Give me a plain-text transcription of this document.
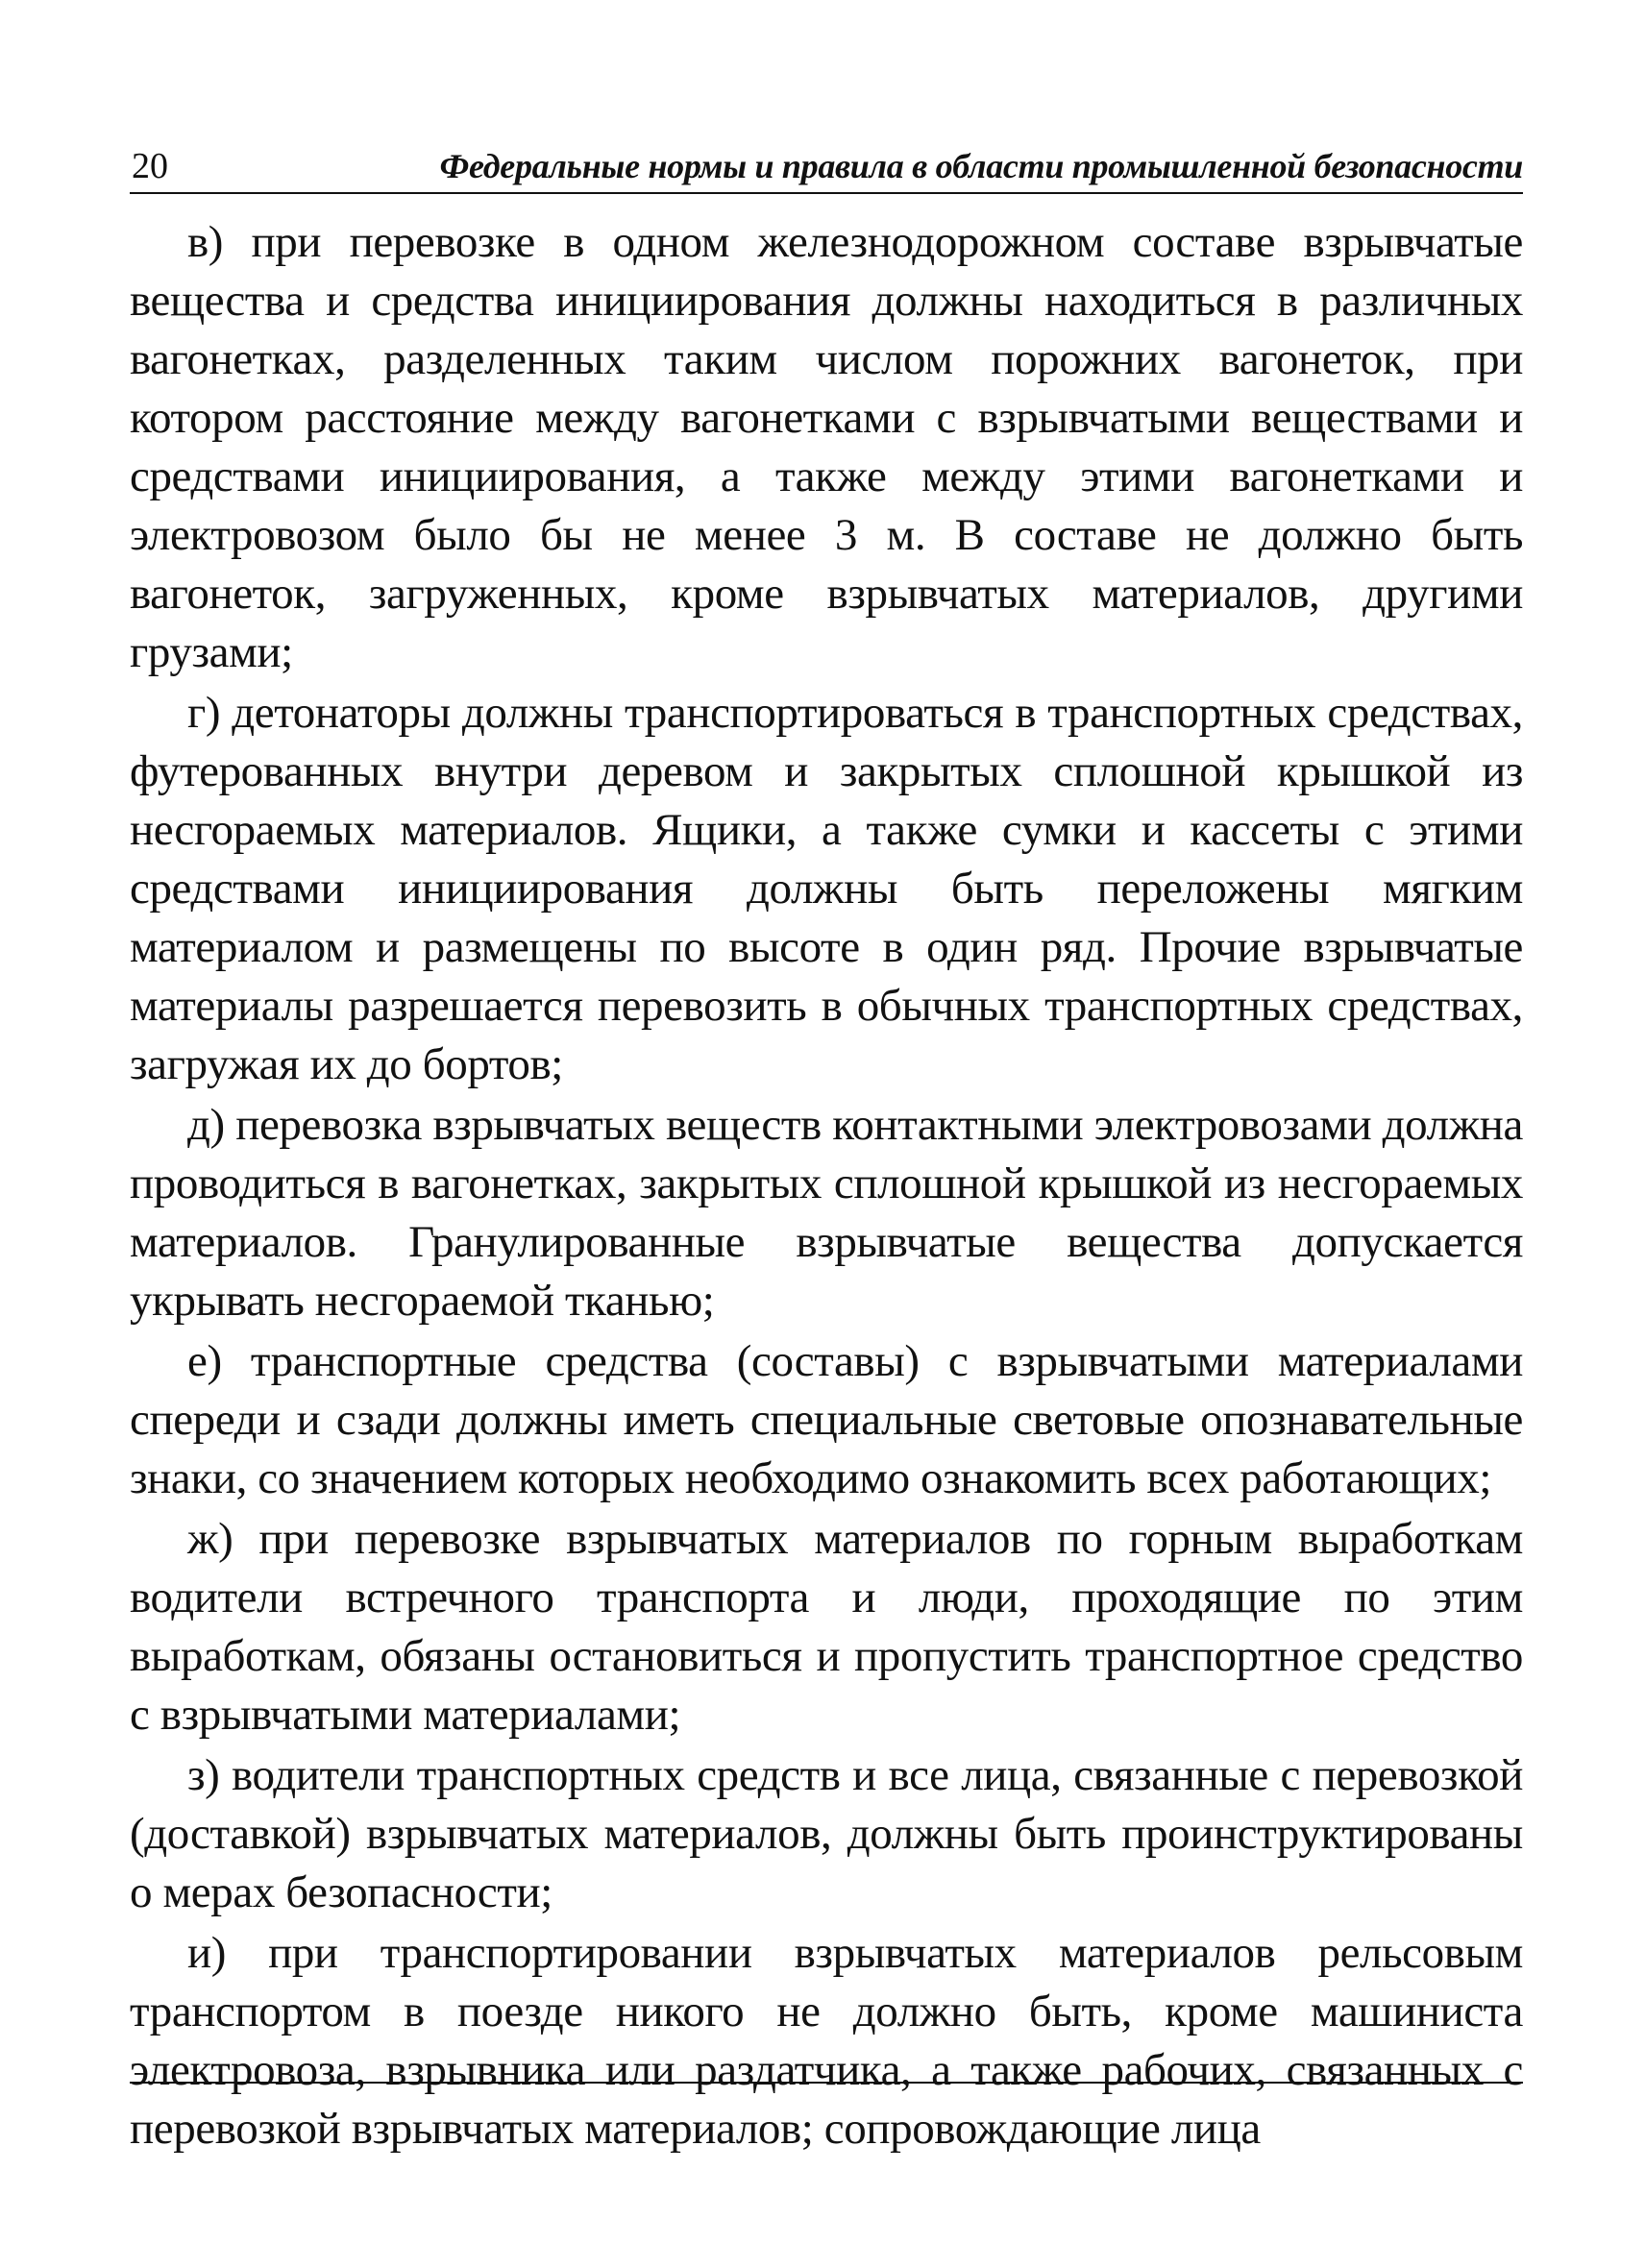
20	Федеральные нормы и правила в области промышленной безопасности

в) при перевозке в одном железнодорожном составе взрывчатые вещества и средства инициирования должны находиться в различных вагонетках, разделенных таким числом порожних вагонеток, при котором расстояние между вагонетками с взрывчатыми веществами и средствами инициирования, а также между этими вагонетками и электровозом было бы не менее 3 м. В составе не должно быть вагонеток, загруженных, кроме взрывчатых материалов, другими грузами;

г) детонаторы должны транспортироваться в транспортных средствах, футерованных внутри деревом и закрытых сплошной крышкой из несгораемых материалов. Ящики, а также сумки и кассеты с этими средствами инициирования должны быть переложены мягким материалом и размещены по высоте в один ряд. Прочие взрывчатые материалы разрешается перевозить в обычных транспортных средствах, загружая их до бортов;

д) перевозка взрывчатых веществ контактными электровозами должна проводиться в вагонетках, закрытых сплошной крышкой из несгораемых материалов. Гранулированные взрывчатые вещества допускается укрывать несгораемой тканью;

е) транспортные средства (составы) с взрывчатыми материалами спереди и сзади должны иметь специальные световые опознавательные знаки, со значением которых необходимо ознакомить всех работающих;

ж) при перевозке взрывчатых материалов по горным выработкам водители встречного транспорта и люди, проходящие по этим выработкам, обязаны остановиться и пропустить транспортное средство с взрывчатыми материалами;

з) водители транспортных средств и все лица, связанные с перевозкой (доставкой) взрывчатых материалов, должны быть проинструктированы о мерах безопасности;

и) при транспортировании взрывчатых материалов рельсовым транспортом в поезде никого не должно быть, кроме машиниста электровоза, взрывника или раздатчика, а также рабочих, связанных с перевозкой взрывчатых материалов; сопровождающие лица
